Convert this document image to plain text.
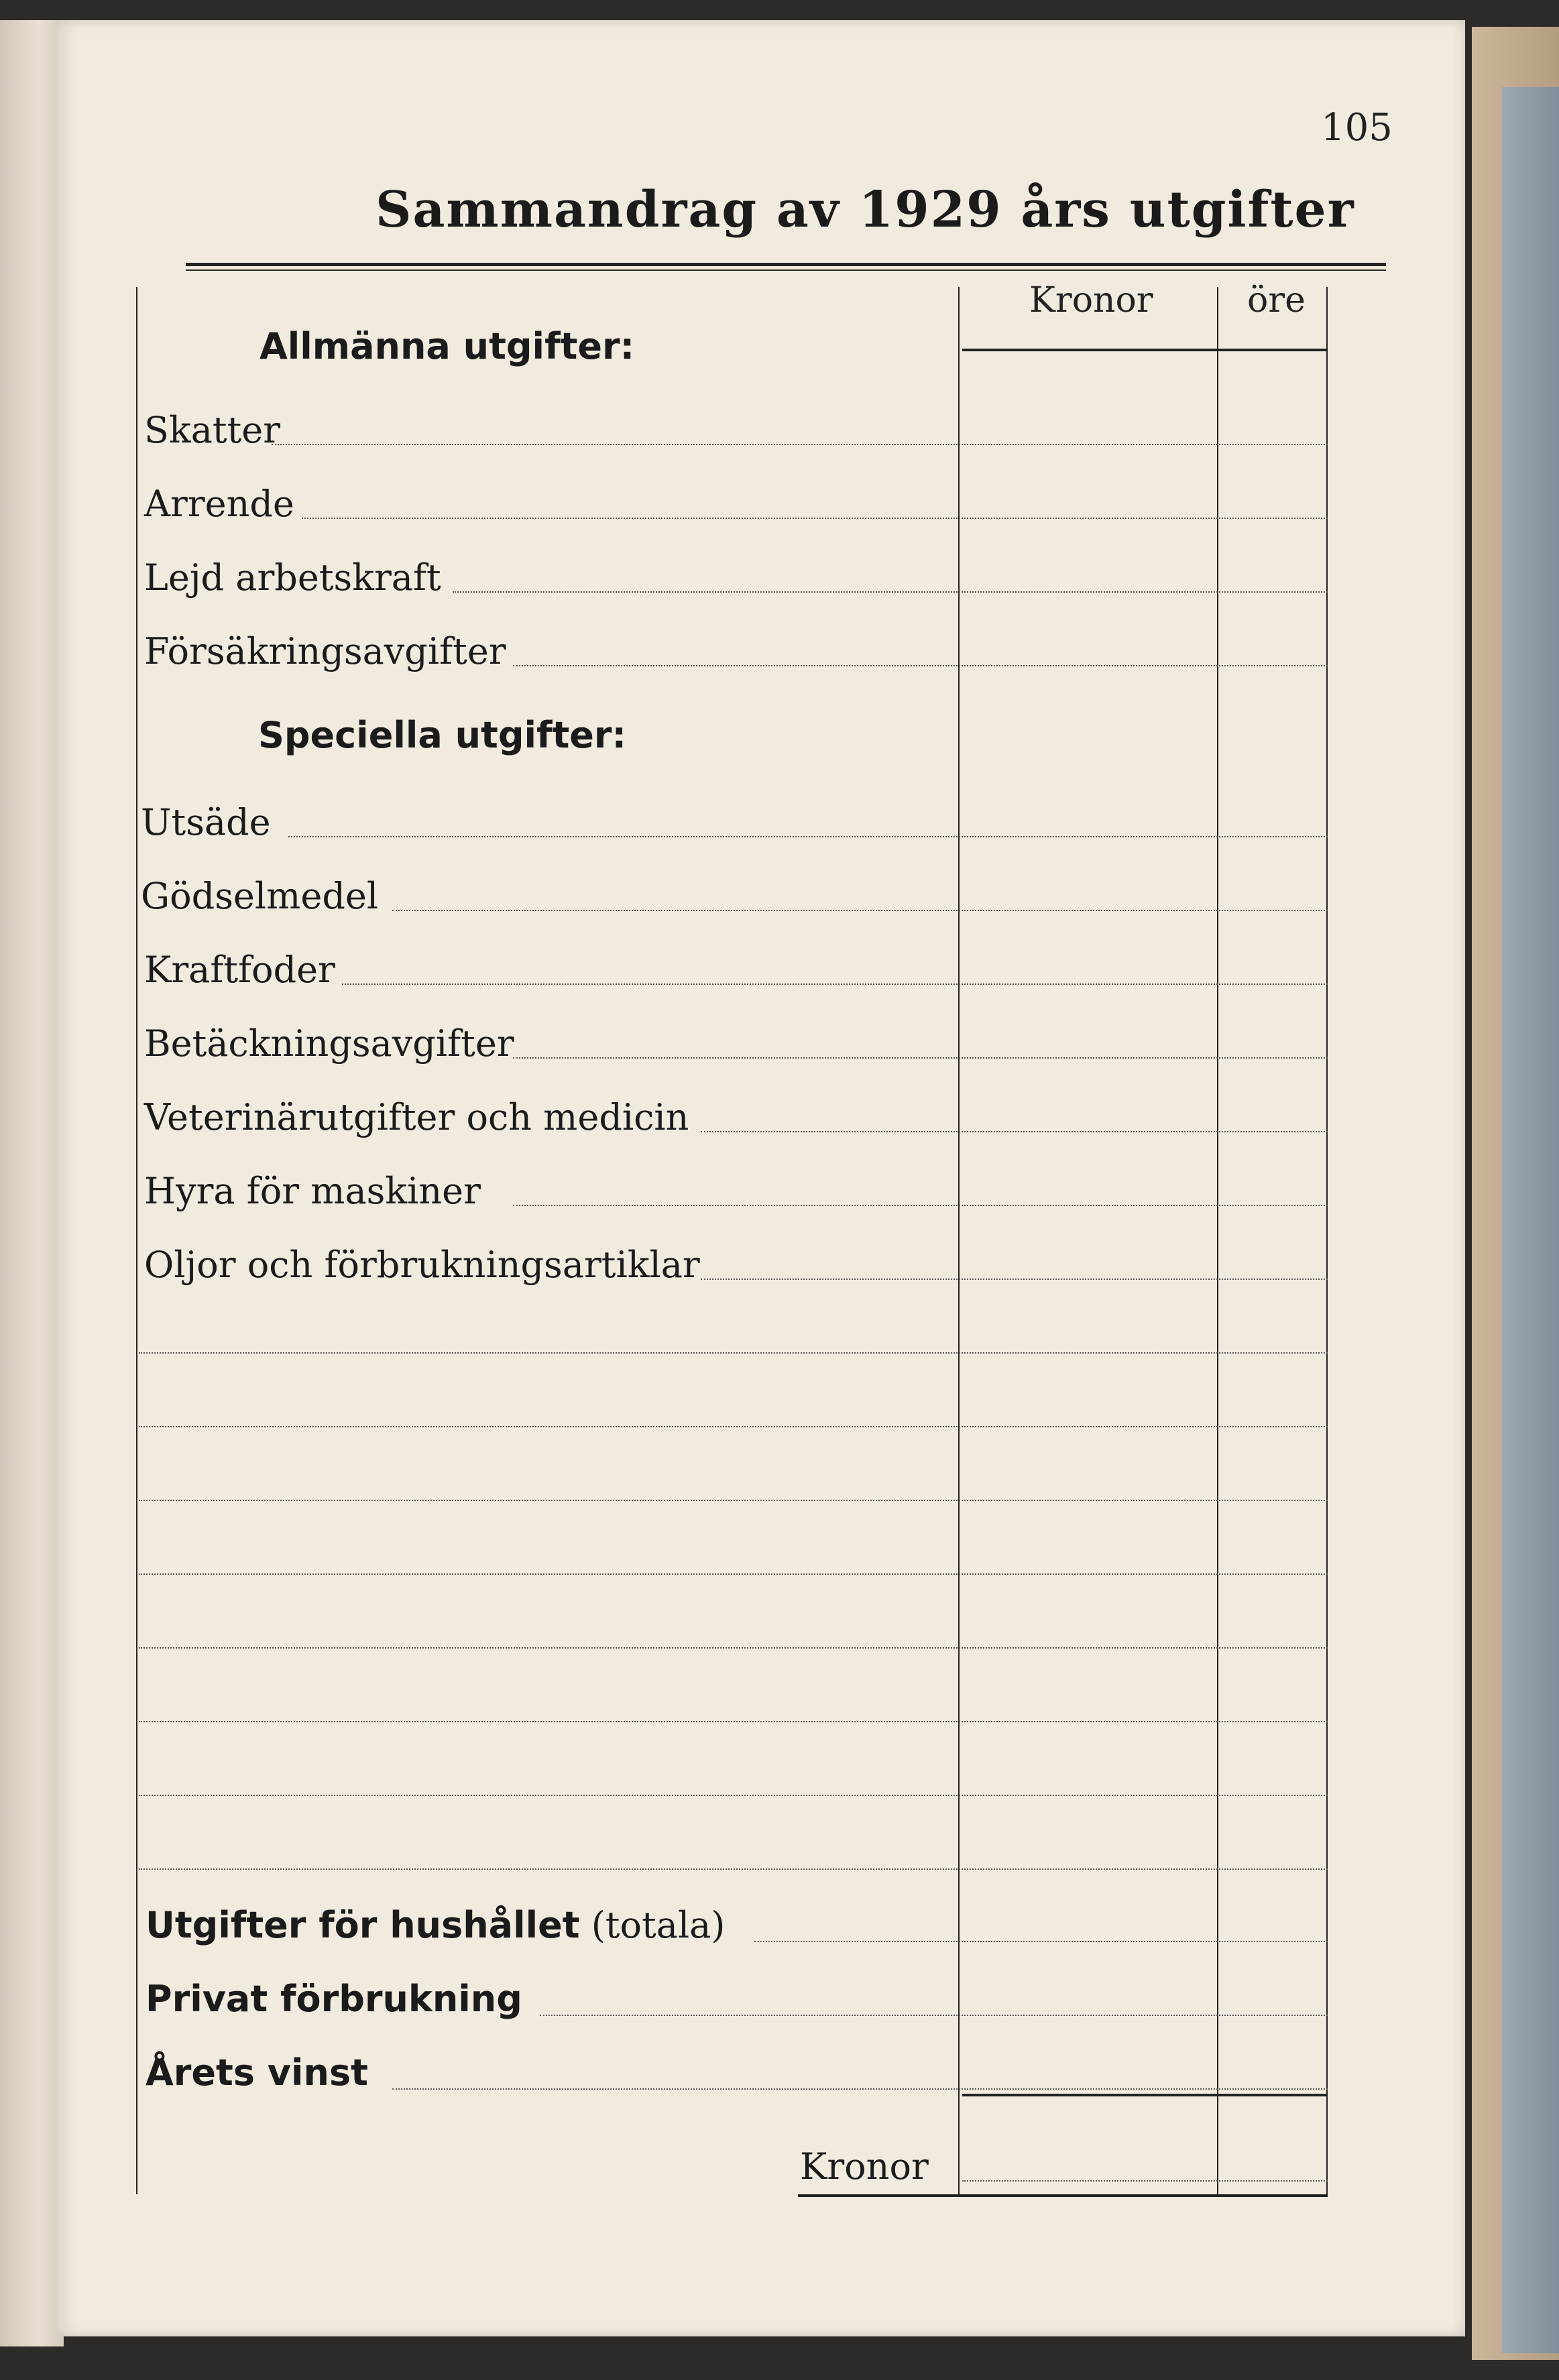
105
Sammandrag av 1929 års utgifter
Kronor	öre
Allmänna utgifter:
Skatter
Arrende
Lejd arbetskraft
Försäkringsavgifter
Speciella utgifter:
Utsäde
Gödselmedel
Kraftfoder
Betäckningsavgifter
Veterinärutgifter och medicin
Hyra för maskiner
Oljor och förbrukningsartiklar
Utgifter för hushållet (totala)
Privat förbrukning
Årets vinst
Kronor
